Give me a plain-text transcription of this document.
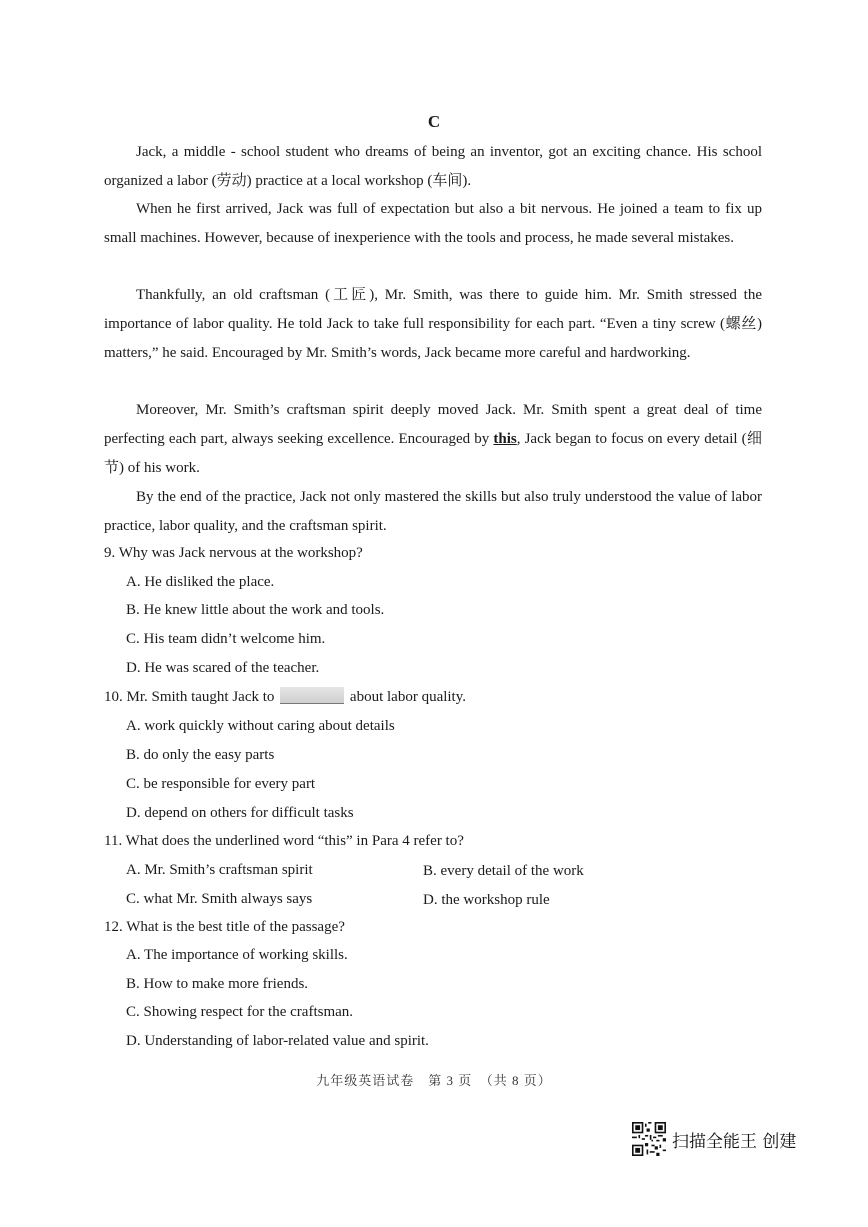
C

Jack, a middle - school student who dreams of being an inventor, got an exciting chance. His school organized a labor (劳动) practice at a local workshop (车间).

When he first arrived, Jack was full of expectation but also a bit nervous. He joined a team to fix up small machines. However, because of inexperience with the tools and process, he made several mistakes.

Thankfully, an old craftsman (工匠), Mr. Smith, was there to guide him. Mr. Smith stressed the importance of labor quality. He told Jack to take full responsibility for each part. “Even a tiny screw (螺丝) matters,” he said. Encouraged by Mr. Smith’s words, Jack became more careful and hardworking.

Moreover, Mr. Smith’s craftsman spirit deeply moved Jack. Mr. Smith spent a great deal of time perfecting each part, always seeking excellence. Encouraged by this, Jack began to focus on every detail (细节) of his work.

By the end of the practice, Jack not only mastered the skills but also truly understood the value of labor practice, labor quality, and the craftsman spirit.

9. Why was Jack nervous at the workshop?
A. He disliked the place.
B. He knew little about the work and tools.
C. His team didn’t welcome him.
D. He was scared of the teacher.
10. Mr. Smith taught Jack to	about labor quality.
A. work quickly without caring about details
B. do only the easy parts
C. be responsible for every part
D. depend on others for difficult tasks
11. What does the underlined word “this” in Para 4 refer to?
A. Mr. Smith’s craftsman spirit	B. every detail of the work
C. what Mr. Smith always says	D. the workshop rule
12. What is the best title of the passage?
A. The importance of working skills.
B. How to make more friends.
C. Showing respect for the craftsman.
D. Understanding of labor-related value and spirit.
九年级英语试卷　第 3 页　（共 8 页）
扫描全能王 创建
